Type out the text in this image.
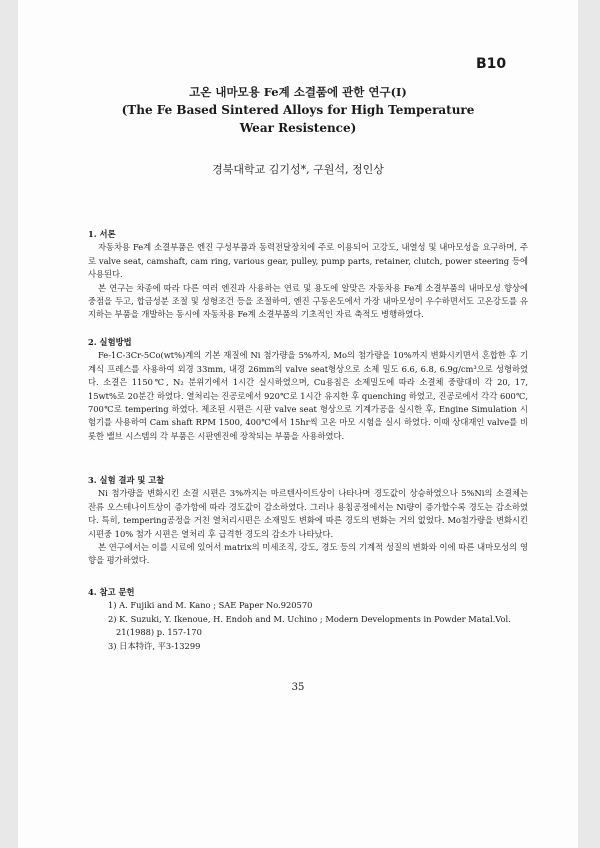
B10
고온 내마모용 Fe계 소결품에 관한 연구(Ⅰ)
(The Fe Based Sintered Alloys for High Temperature
Wear Resistence)
경북대학교 김기성*, 구원석, 정인상
1. 서론

자동차용 Fe계 소결부품은 엔진 구성부품과 동력전달장치에 주로 이용되어 고강도, 내열성 및 내마모성을 요구하며, 주로 valve seat, camshaft, cam ring, various gear, pulley, pump parts, retainer, clutch, power steering 등에 사용된다.

본 연구는 차종에 따라 다른 여러 엔진과 사용하는 연료 및 용도에 알맞은 자동차용 Fe계 소결부품의 내마모성 향상에 중점을 두고, 합금성분 조절 및 성형조건 등을 조절하여, 엔진 구동온도에서 가장 내마모성이 우수하면서도 고온강도를 유지하는 부품을 개발하는 동시에 자동차용 Fe계 소결부품의 기초적인 자료 축적도 병행하였다.

2. 실험방법

Fe-1C-3Cr-5Co(wt%)계의 기본 재질에 Ni 첨가량을 5%까지, Mo의 첨가량을 10%까지 변화시키면서 혼합한 후 기계식 프레스를 사용하여 외경 33mm, 내경 26mm의 valve seat형상으로 소제 밀도 6.6, 6.8, 6.9g/cm³으로 성형하였다. 소결은 1150℃, N₂ 분위기에서 1시간 실시하였으며, Cu용침은 소제밀도에 따라 소결체 중량대비 각 20, 17, 15wt%로 20분간 하였다. 열처리는 진공로에서 920℃로 1시간 유지한 후 quenching 하였고, 진공로에서 각각 600℃, 700℃로 tempering 하였다. 제조된 시편은 시판 valve seat 형상으로 기계가공을 실시한 후, Engine Simulation 시험기를 사용하여 Cam shaft RPM 1500, 400℃에서 15hr씩 고온 마모 시험을 실시 하였다. 이때 상대재인 valve를 비롯한 밸브 시스템의 각 부품은 시판엔진에 장착되는 부품을 사용하였다.

3. 실험 결과 및 고찰

Ni 첨가량을 변화시킨 소결 시편은 3%까지는 마르텐사이트상이 나타나며 경도값이 상승하였으나 5%Ni의 소결체는 잔류 오스테나이트상이 증가함에 따라 경도값이 감소하였다. 그러나 용침공정에서는 Ni량이 증가할수록 경도는 감소하였다. 특히, tempering공정을 거친 열처리시편은 소재밀도 변화에 따른 경도의 변화는 거의 없었다. Mo첨가량을 변화시킨 시편중 10% 첨가 시편은 열처리 후 급격한 경도의 감소가 나타났다.

본 연구에서는 이를 시료에 있어서 matrix의 미세조직, 강도, 경도 등의 기계적 성질의 변화와 이에 따른 내마모성의 영향을 평가하였다.

4. 참고 문헌
1) A. Fujiki and M. Kano ; SAE Paper No.920570
2) K. Suzuki, Y. Ikenoue, H. Endoh and M. Uchino ; Modern Developments in Powder Matal.Vol. 21(1988) p. 157-170
3) 日本特许, 平3-13299
35
